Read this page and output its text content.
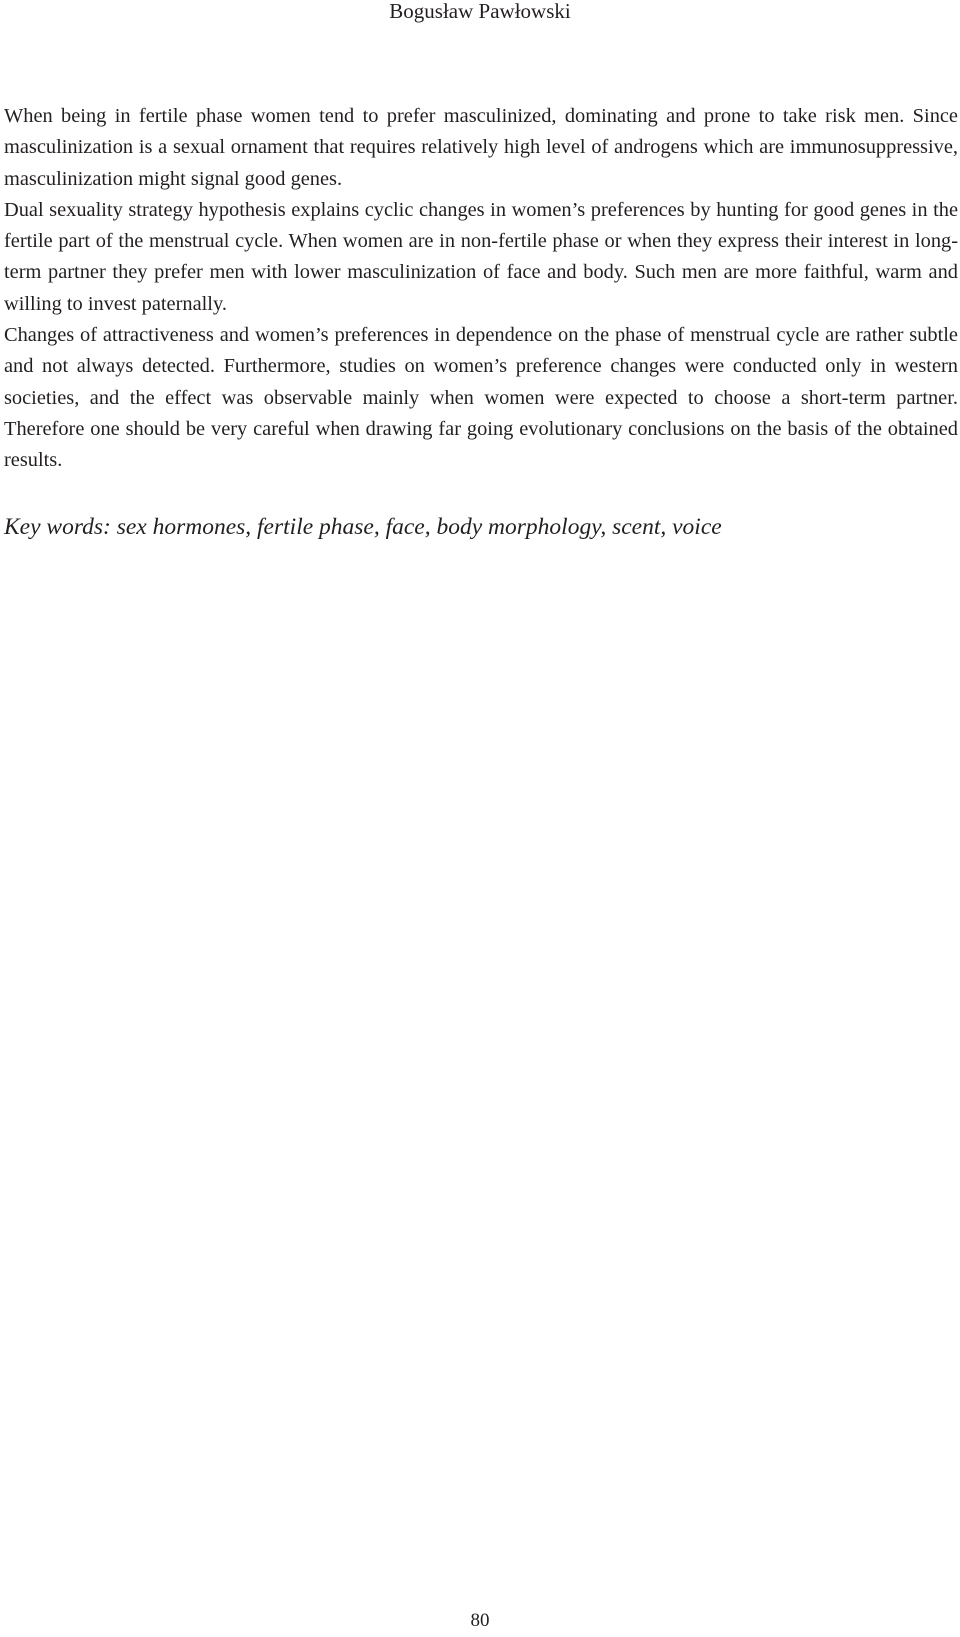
Bogusław Pawłowski

When being in fertile phase women tend to prefer masculinized, dominating and prone to take risk men. Since masculinization is a sexual ornament that requires relatively high level of androgens which are immunosuppressive, masculinization might signal good genes.

Dual sexuality strategy hypothesis explains cyclic changes in women’s preferences by hunting for good genes in the fertile part of the menstrual cycle. When women are in non-fertile phase or when they express their interest in long-term partner they prefer men with lower masculinization of face and body. Such men are more faithful, warm and willing to invest paternally.

Changes of attractiveness and women’s preferences in dependence on the phase of menstrual cycle are rather subtle and not always detected. Furthermore, studies on women’s preference changes were conducted only in western societies, and the effect was observable mainly when women were expected to choose a short-term partner. Therefore one should be very careful when drawing far going evolutionary conclusions on the basis of the obtained results.

Key words: sex hormones, fertile phase, face, body morphology, scent, voice
80
